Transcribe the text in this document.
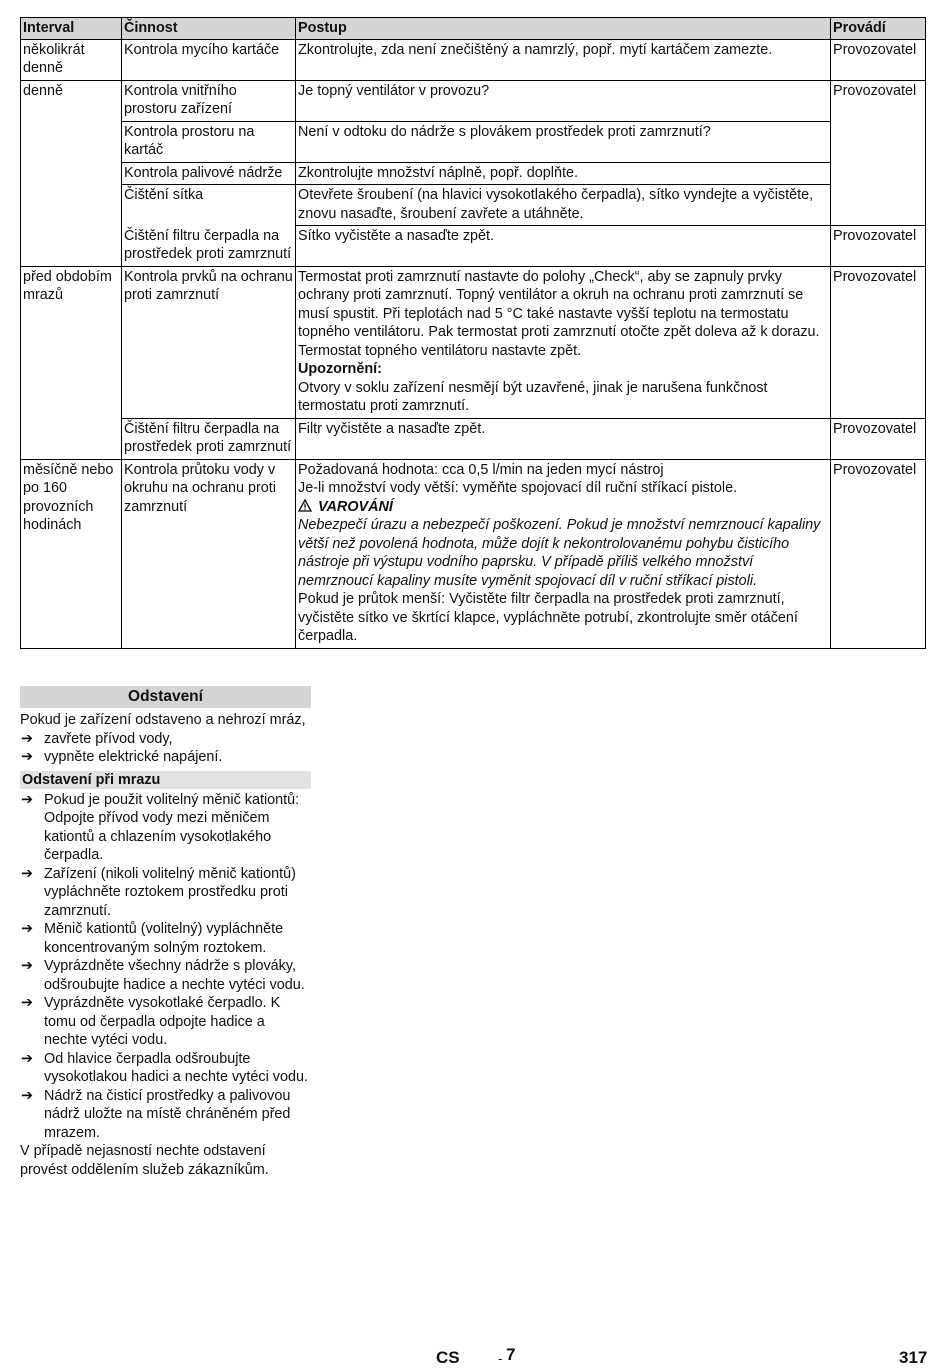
Interval	Činnost	Postup	Provádí
několikrát denně	Kontrola mycího kartáče	Zkontrolujte, zda není znečištěný a namrzlý, popř. mytí kartáčem zamezte.	Provozovatel
denně	Kontrola vnitřního prostoru zařízení	Je topný ventilátor v provozu?	Provozovatel
	Kontrola prostoru na kartáč	Není v odtoku do nádrže s plovákem prostředek proti zamrznutí?	
	Kontrola palivové nádrže	Zkontrolujte množství náplně, popř. doplňte.	
	Čištění sítka	Otevřete šroubení (na hlavici vysokotlakého čerpadla), sítko vyndejte a vyčistěte, znovu nasaďte, šroubení zavřete a utáhněte.	
	Čištění filtru čerpadla na prostředek proti zamrznutí	Sítko vyčistěte a nasaďte zpět.	Provozovatel
před obdobím mrazů	Kontrola prvků na ochranu proti zamrznutí	Termostat proti zamrznutí nastavte do polohy „Check“, aby se zapnuly prvky ochrany proti zamrznutí. Topný ventilátor a okruh na ochranu proti zamrznutí se musí spustit. Při teplotách nad 5 °C také nastavte vyšší teplotu na termostatu topného ventilátoru. Pak termostat proti zamrznutí otočte zpět doleva až k dorazu. Termostat topného ventilátoru nastavte zpět.
Upozornění:
Otvory v soklu zařízení nesmějí být uzavřené, jinak je narušena funkčnost termostatu proti zamrznutí.	Provozovatel
	Čištění filtru čerpadla na prostředek proti zamrznutí	Filtr vyčistěte a nasaďte zpět.	Provozovatel
měsíčně nebo po 160 provozních hodinách	Kontrola průtoku vody v okruhu na ochranu proti zamrznutí	Požadovaná hodnota: cca 0,5 l/min na jeden mycí nástroj
Je-li množství vody větší: vyměňte spojovací díl ruční stříkací pistole.
VAROVÁNÍ
Nebezpečí úrazu a nebezpečí poškození. Pokud je množství nemrznoucí kapaliny větší než povolená hodnota, může dojít k nekontrolovanému pohybu čisticího nástroje při výstupu vodního paprsku. V případě příliš velkého množství nemrznoucí kapaliny musíte vyměnit spojovací díl v ruční stříkací pistoli.
Pokud je průtok menší: Vyčistěte filtr čerpadla na prostředek proti zamrznutí, vyčistěte sítko ve škrtící klapce, vypláchněte potrubí, zkontrolujte směr otáčení čerpadla.	Provozovatel
Odstavení

Pokud je zařízení odstaveno a nehrozí mráz,

➔ zavřete přívod vody,
➔ vypněte elektrické napájení.
Odstavení při mrazu
➔ Pokud je použit volitelný měnič kationtů: Odpojte přívod vody mezi měničem kationtů a chlazením vysokotlakého čerpadla.
➔ Zařízení (nikoli volitelný měnič kationtů) vypláchněte roztokem prostředku proti zamrznutí.
➔ Měnič kationtů (volitelný) vypláchněte koncentrovaným solným roztokem.
➔ Vyprázdněte všechny nádrže s plováky, odšroubujte hadice a nechte vytéci vodu.
➔ Vyprázdněte vysokotlaké čerpadlo. K tomu od čerpadla odpojte hadice a nechte vytéci vodu.
➔ Od hlavice čerpadla odšroubujte vysokotlakou hadici a nechte vytéci vodu.
➔ Nádrž na čisticí prostředky a palivovou nádrž uložte na místě chráněném před mrazem.

V případě nejasností nechte odstavení provést oddělením služeb zákazníkům.

CS	- 7	317
